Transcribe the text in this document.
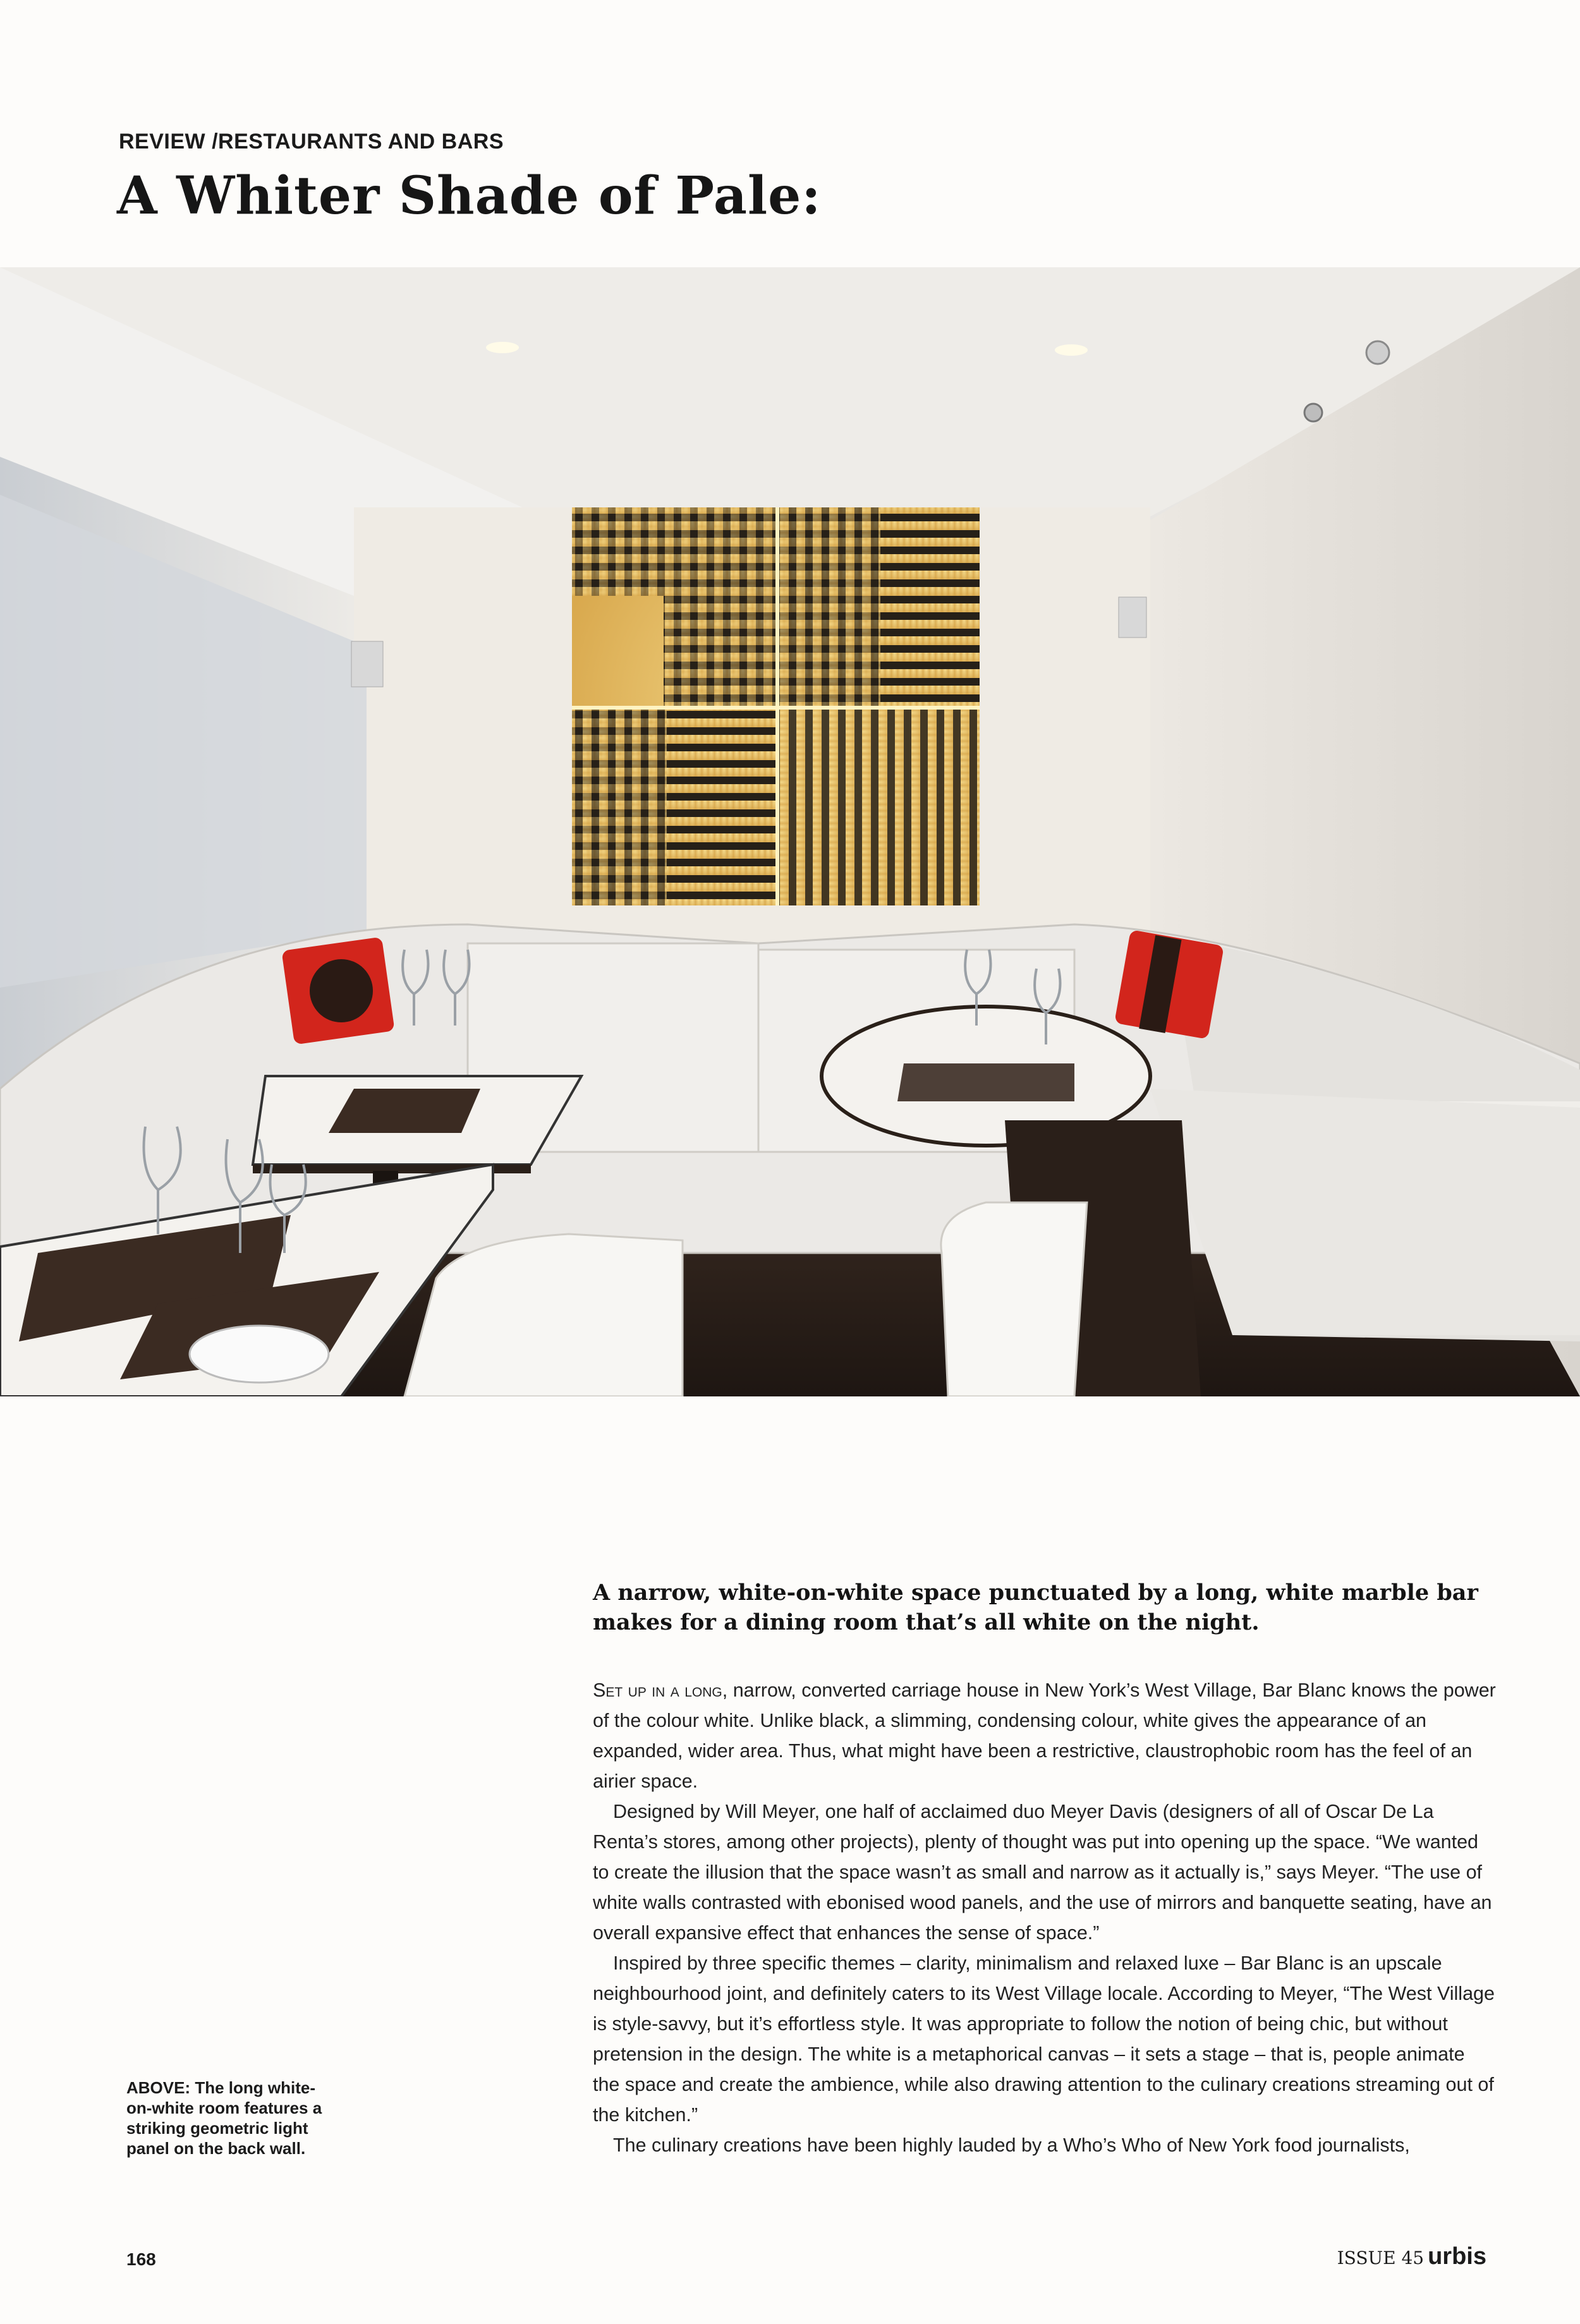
REVIEW /RESTAURANTS AND BARS
A Whiter Shade of Pale:
A narrow, white-on-white space punctuated by a long, white marble bar makes for a dining room that’s all white on the night.

Set up in a long, narrow, converted carriage house in New York’s West Village, Bar Blanc knows the power of the colour white. Unlike black, a slimming, condensing colour, white gives the appearance of an expanded, wider area. Thus, what might have been a restrictive, claustrophobic room has the feel of an airier space.

Designed by Will Meyer, one half of acclaimed duo Meyer Davis (designers of all of Oscar De La Renta’s stores, among other projects), plenty of thought was put into opening up the space. “We wanted to create the illusion that the space wasn’t as small and narrow as it actually is,” says Meyer. “The use of white walls contrasted with ebonised wood panels, and the use of mirrors and banquette seating, have an overall expansive effect that enhances the sense of space.”

Inspired by three specific themes – clarity, minimalism and relaxed luxe – Bar Blanc is an upscale neighbourhood joint, and definitely caters to its West Village locale. According to Meyer, “The West Village is style-savvy, but it’s effortless style. It was appropriate to follow the notion of being chic, but without pretension in the design. The white is a metaphorical canvas – it sets a stage – that is, people animate the space and create the ambience, while also drawing attention to the culinary creations streaming out of the kitchen.”

The culinary creations have been highly lauded by a Who’s Who of New York food journalists,

ABOVE: The long white-on-white room features a striking geometric light panel on the back wall.
168	ISSUE 45 urbis
